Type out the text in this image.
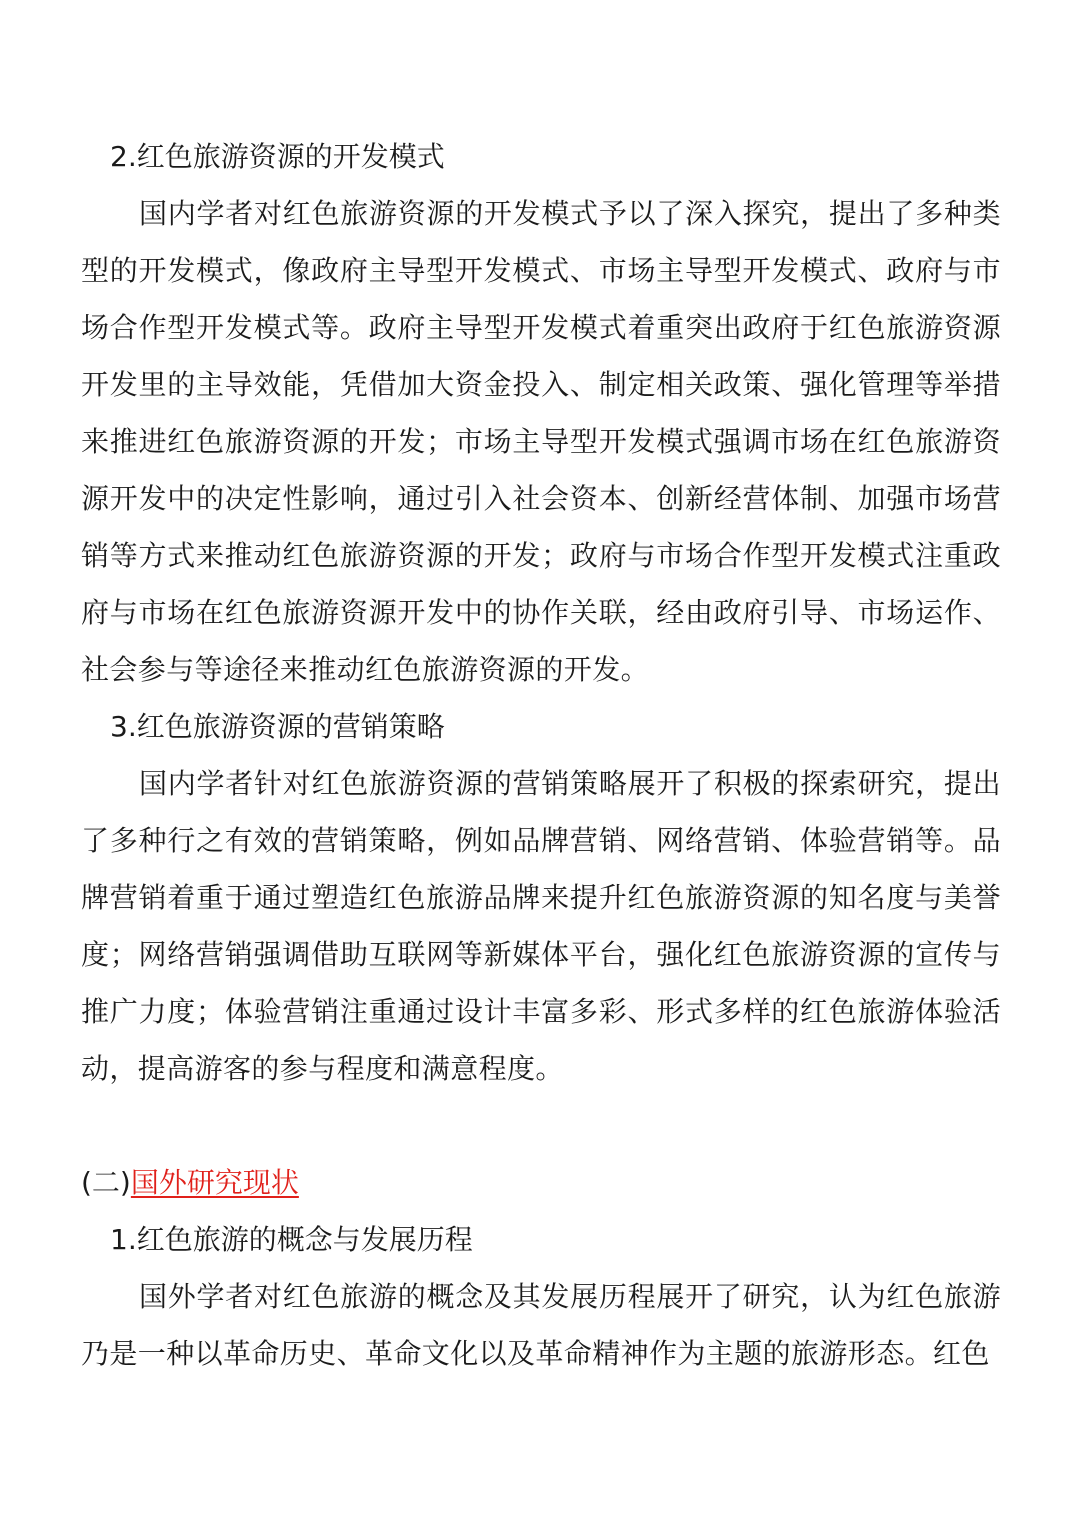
2.红色旅游资源的开发模式

国内学者对红色旅游资源的开发模式予以了深入探究，提出了多种类型的开发模式，像政府主导型开发模式、市场主导型开发模式、政府与市场合作型开发模式等。政府主导型开发模式着重突出政府于红色旅游资源开发里的主导效能，凭借加大资金投入、制定相关政策、强化管理等举措来推进红色旅游资源的开发；市场主导型开发模式强调市场在红色旅游资源开发中的决定性影响，通过引入社会资本、创新经营体制、加强市场营销等方式来推动红色旅游资源的开发；政府与市场合作型开发模式注重政府与市场在红色旅游资源开发中的协作关联，经由政府引导、市场运作、社会参与等途径来推动红色旅游资源的开发。

3.红色旅游资源的营销策略

国内学者针对红色旅游资源的营销策略展开了积极的探索研究，提出了多种行之有效的营销策略，例如品牌营销、网络营销、体验营销等。品牌营销着重于通过塑造红色旅游品牌来提升红色旅游资源的知名度与美誉度；网络营销强调借助互联网等新媒体平台，强化红色旅游资源的宣传与推广力度；体验营销注重通过设计丰富多彩、形式多样的红色旅游体验活动，提高游客的参与程度和满意程度。

(二)国外研究现状

1.红色旅游的概念与发展历程

国外学者对红色旅游的概念及其发展历程展开了研究，认为红色旅游乃是一种以革命历史、革命文化以及革命精神作为主题的旅游形态。红色
